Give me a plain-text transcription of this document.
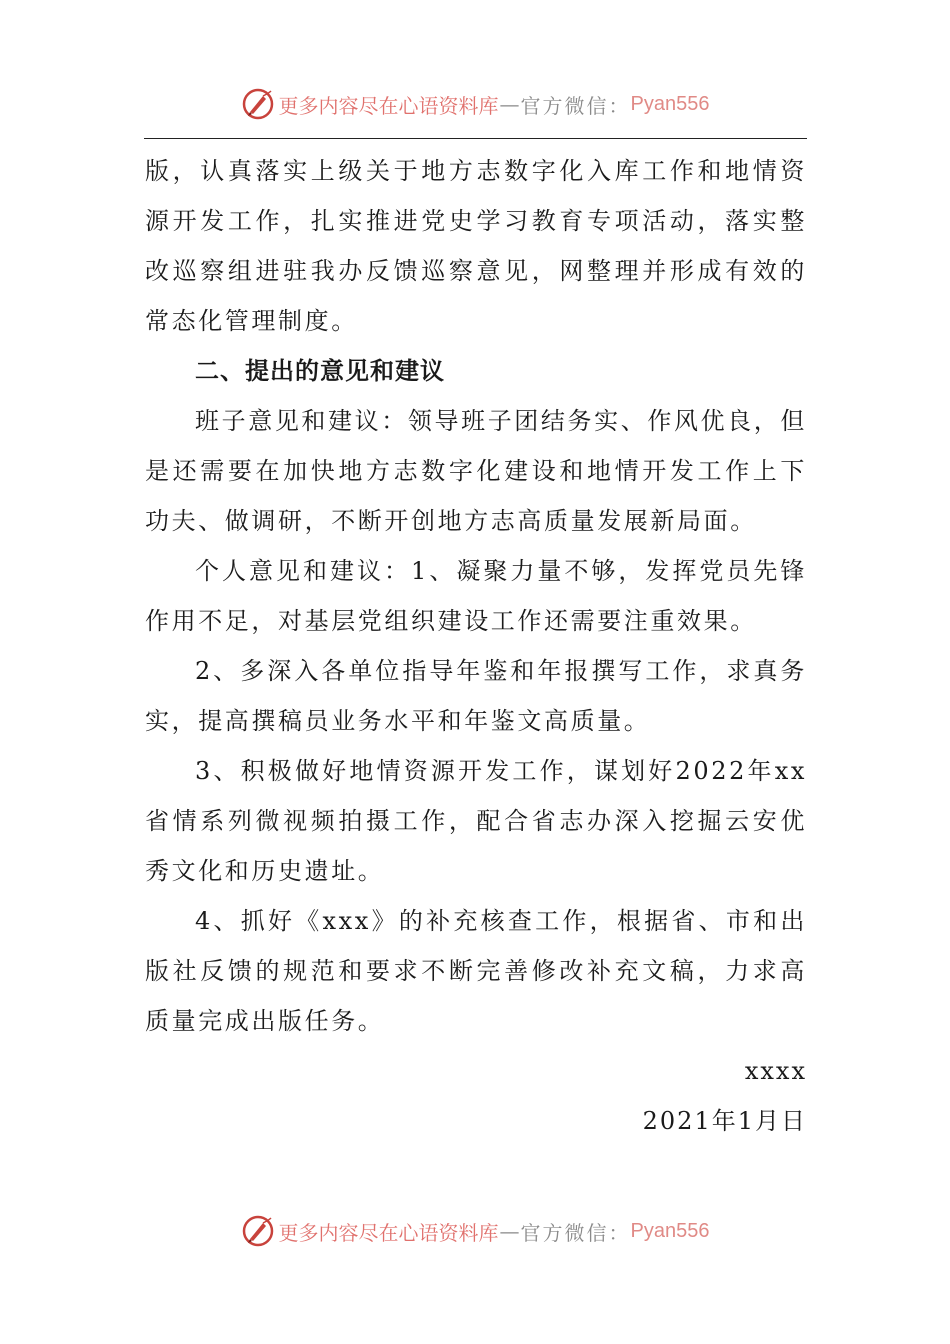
更多内容尽在心语资料库 — 官方微信： Pyan556

版，认真落实上级关于地方志数字化入库工作和地情资源开发工作，扎实推进党史学习教育专项活动，落实整改巡察组进驻我办反馈巡察意见，网整理并形成有效的常态化管理制度。

二、提出的意见和建议

班子意见和建议：领导班子团结务实、作风优良，但是还需要在加快地方志数字化建设和地情开发工作上下功夫、做调研，不断开创地方志高质量发展新局面。

个人意见和建议：1、凝聚力量不够，发挥党员先锋作用不足，对基层党组织建设工作还需要注重效果。

2、多深入各单位指导年鉴和年报撰写工作，求真务实，提高撰稿员业务水平和年鉴文高质量。

3、积极做好地情资源开发工作，谋划好2022年xx省情系列微视频拍摄工作，配合省志办深入挖掘云安优秀文化和历史遗址。

4、抓好《xxx》的补充核查工作，根据省、市和出版社反馈的规范和要求不断完善修改补充文稿，力求高质量完成出版任务。

xxxx

2021年1月日

更多内容尽在心语资料库 — 官方微信： Pyan556
